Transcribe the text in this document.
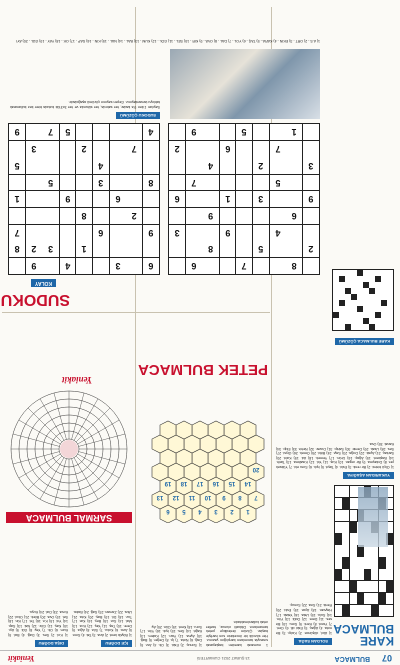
07
BULMACA
13 ŞUBAT 2021 CUMARTESİ
Yeniakit
KARE BULMACA
SOLDAN SAĞA
1) Akıl, düşünce. 2) Kalıp. 3) Bir nota. 4) Ağaç. 5) Eski dil. 6) Geri. 7) Yanıt. 8) Kent. 9) Soru. 10) Bir ses. 11) Dere. 12) Ödül. 13) Yön. 14) Sulu. 15) Usta. 16) Yatak. 17) Hayvan. 18) Ayar. 19) Eski. 20) Renk. 21) Sıra. 22) Sonuç.
YUKARIDAN AŞAĞIYA
1) Ölçü birimi. 2) Bir renk. 3) Eski. 4) Taşıt. 5) Işık. 6) Soru eki. 7) Yüksek yer. 8) Dolaşma. 9) Bir organ. 10) Kuş. 11) Yol. 12) Kısaltma. 13) Tarih. 14) Başkent. 15) Ağaç. 16) Ürün. 17) Yemek. 18) Ad. 19) Kalıt. 20) Sarkaç. 21) Ayak. 22) Doğa. 23) Sayı. 24) Bitki. 25) Örnek. 26) Giysi. 27) Ses. 28) Uzak. 29) Demir. 30) Sahip. 31) Duvar. 32) Nehir. 33) Ekip. 34) Kanat. 35) Ova.
1 numaralı kareden başlayarak sırasıyla tanımların karşılığını yazınız. Her sözcük bir öncekinin son harfiyle başlar. Çözüm ilerledikçe petek tamamlanır. Dikkatli olunuz, harfler ortak kullanılmaktadır.
1) Sonuç. 2) Eski. 3) Ok. 4) Arz. 5) Dağ. 6) Nota. 7) İp. 8) Değer. 9) Bağ. 10) Ayna. 11) Yazı. 12) Kalem. 13) Kağıt. 14) Ses. 15) Işık. 16) Yön. 17) Soru. 18) Kent. 19) Gün. 20) Ay.
1
2
3
4
5
6
7
8
9
10
11
12
13
14
15
16
17
18
19
20
PETEK BULMACA
İÇE DOĞRU
1) Büyük kent. 2) Ana. 3) Tat. 4) Sınır. 5) Avcı. 6) Koku. 7) Söz. 8) Ağız. 9) Dere. 10) Taş. 11) Yaş. 12) Koz. 13) Mal. 14) Sur. 15) Bey. 16) Kar. 17) Tuz. 18) Dil. 19) Baş. 20) Kıta. 21) Ulus. 22) Zaman. 23) Sağ. 24) Baba.
DIŞA DOĞRU
1) Kol. 2) Ses. 3) Dağ. 4) Bal. 5) Kum. 6) Ok. 7) Yay. 8) Gül. 9) Ayı. 10) Kaş. 11) Göz. 12) Nal. 13) Sap. 14) Yol. 15) Kır. 16) Tel. 17) Kin. 18) Sel. 19) Ova. 20) Bilek. 21) Okul. 22) Kova. 23) Dal. 24) Kuyu.
SARMAL BULMACA
Yeniakit
KARE BULMACA ÇÖZÜMÜ
SUDOKU
KOLAY
6
3
4
9
1
3
2
8
9
6
7
2
8
6
9
1
8
3
5
4
5
7
2
3
4
5
7
9
8
7
6
2
5
8
4
9
3
6
9
9
3
1
6
5
7
3
2
4
7
6
2
1
5
9
SUDOKU ÇÖZÜMÜ
Sayıları 1'den 9'a kadar, her satırda, her sütunda ve her 3x3'lük kutuda birer kez kullanarak tabloyu tamamlayınız. Geçen sayının çözümü aşağıdadır.
1) A S - 2) ORT - 3) EKİN - 4) KARA - 5) TAŞ - 6) YOL - 7) DAL - 8) OVA - 9) KIR - 10) SEL - 11) GÖL - 12) KUM - 13) BAL - 14) NAL - 15) KİN - 16) SAP - 17) OK - 18) YAY - 19) GÜL - 20) AYI
